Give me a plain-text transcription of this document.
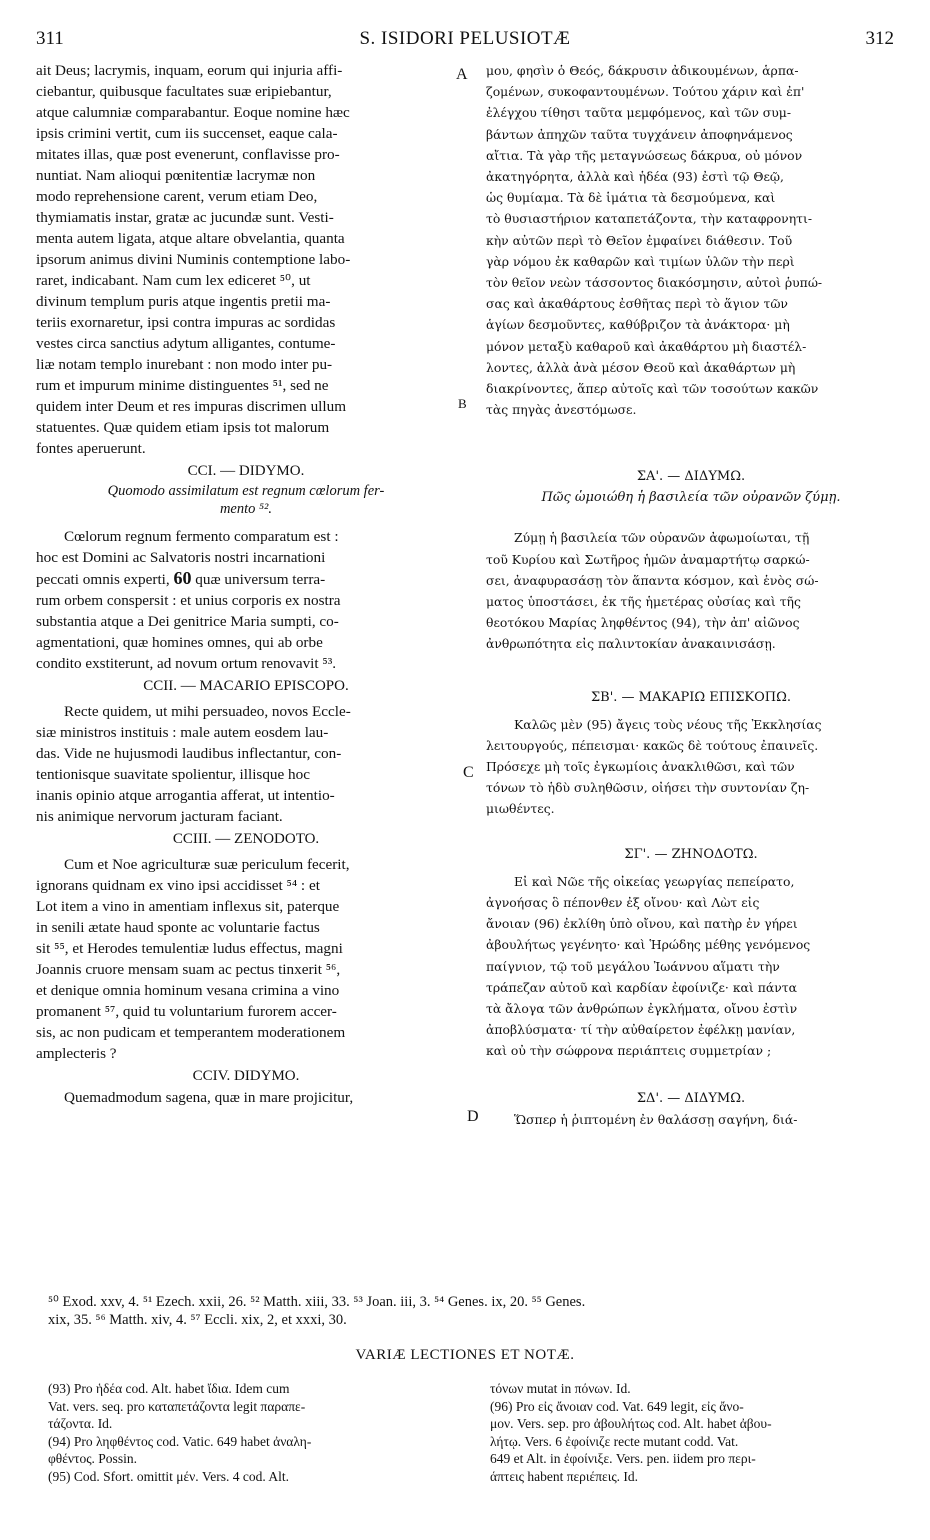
311	S. ISIDORI PELUSIOTÆ	312
A
B
C
D
ait Deus; lacrymis, inquam, eorum qui injuria affi-
ciebantur, quibusque facultates suæ eripiebantur,
atque calumniæ comparabantur. Eoque nomine hæc
ipsis crimini vertit, cum iis succenset, eaque cala-
mitates illas, quæ post evenerunt, conflavisse pro-
nuntiat. Nam alioqui pœnitentiæ lacrymæ non
modo reprehensione carent, verum etiam Deo,
thymiamatis instar, gratæ ac jucundæ sunt. Vesti-
menta autem ligata, atque altare obvelantia, quanta
ipsorum animus divini Numinis contemptione labo-
raret, indicabant. Nam cum lex ediceret ⁵⁰, ut
divinum templum puris atque ingentis pretii ma-
teriis exornaretur, ipsi contra impuras ac sordidas
vestes circa sanctius adytum alligantes, contume-
liæ notam templo inurebant : non modo inter pu-
rum et impurum minime distinguentes ⁵¹, sed ne
quidem inter Deum et res impuras discrimen ullum
statuentes. Quæ quidem etiam ipsis tot malorum
fontes aperuerunt.
CCI. — DIDYMO.
Quomodo assimilatum est regnum cœlorum fer-
mento ⁵².
Cœlorum regnum fermento comparatum est :
hoc est Domini ac Salvatoris nostri incarnationi
peccati omnis experti, 60 quæ universum terra-
rum orbem conspersit : et unius corporis ex nostra
substantia atque a Dei genitrice Maria sumpti, co-
agmentationi, quæ homines omnes, qui ab orbe
condito exstiterunt, ad novum ortum renovavit ⁵³.
CCII. — MACARIO EPISCOPO.
Recte quidem, ut mihi persuadeo, novos Eccle-
siæ ministros instituis : male autem eosdem lau-
das. Vide ne hujusmodi laudibus inflectantur, con-
tentionisque suavitate spolientur, illisque hoc
inanis opinio atque arrogantia afferat, ut intentio-
nis animique nervorum jacturam faciant.
CCIII. — ZENODOTO.
Cum et Noe agriculturæ suæ periculum fecerit,
ignorans quidnam ex vino ipsi accidisset ⁵⁴ : et
Lot item a vino in amentiam inflexus sit, paterque
in senili ætate haud sponte ac voluntarie factus
sit ⁵⁵, et Herodes temulentiæ ludus effectus, magni
Joannis cruore mensam suam ac pectus tinxerit ⁵⁶,
et denique omnia hominum vesana crimina a vino
promanent ⁵⁷, quid tu voluntarium furorem accer-
sis, ac non pudicam et temperantem moderationem
amplecteris ?
CCIV. DIDYMO.
Quemadmodum sagena, quæ in mare projicitur,
μου, φησὶν ὁ Θεός, δάκρυσιν ἀδικουμένων, ἁρπα-
ζομένων, συκοφαντουμένων. Τούτου χάριν καὶ ἐπ'
ἐλέγχου τίθησι ταῦτα μεμφόμενος, καὶ τῶν συμ-
βάντων ἀπηχῶν ταῦτα τυγχάνειν ἀποφηνάμενος
αἴτια. Τὰ γὰρ τῆς μεταγνώσεως δάκρυα, οὐ μόνον
ἀκατηγόρητα, ἀλλὰ καὶ ἡδέα (93) ἐστὶ τῷ Θεῷ,
ὡς θυμίαμα. Τὰ δὲ ἱμάτια τὰ δεσμούμενα, καὶ
τὸ θυσιαστήριον καταπετάζοντα, τὴν καταφρονητι-
κὴν αὐτῶν περὶ τὸ Θεῖον ἐμφαίνει διάθεσιν. Τοῦ
γὰρ νόμου ἐκ καθαρῶν καὶ τιμίων ὑλῶν τὴν περὶ
τὸν θεῖον νεὼν τάσσοντος διακόσμησιν, αὐτοὶ ῥυπώ-
σας καὶ ἀκαθάρτους ἐσθῆτας περὶ τὸ ἅγιον τῶν
ἁγίων δεσμοῦντες, καθύβριζον τὰ ἀνάκτορα· μὴ
μόνον μεταξὺ καθαροῦ καὶ ἀκαθάρτου μὴ διαστέλ-
λοντες, ἀλλὰ ἀνὰ μέσον Θεοῦ καὶ ἀκαθάρτων μὴ
διακρίνοντες, ἅπερ αὐτοῖς καὶ τῶν τοσούτων κακῶν
τὰς πηγὰς ἀνεστόμωσε.
ΣΑ'. — ΔΙΔΥΜΩ.
Πῶς ὡμοιώθη ἡ βασιλεία τῶν οὐρανῶν ζύμῃ.
Ζύμῃ ἡ βασιλεία τῶν οὐρανῶν ἀφωμοίωται, τῇ
τοῦ Κυρίου καὶ Σωτῆρος ἡμῶν ἀναμαρτήτῳ σαρκώ-
σει, ἀναφυρασάσῃ τὸν ἅπαντα κόσμον, καὶ ἑνὸς σώ-
ματος ὑποστάσει, ἐκ τῆς ἡμετέρας οὐσίας καὶ τῆς
θεοτόκου Μαρίας ληφθέντος (94), τὴν ἀπ' αἰῶνος
ἀνθρωπότητα εἰς παλιντοκίαν ἀνακαινισάσῃ.
ΣΒ'. — ΜΑΚΑΡΙΩ ΕΠΙΣΚΟΠΩ.
Καλῶς μὲν (95) ἄγεις τοὺς νέους τῆς Ἐκκλησίας
λειτουργούς, πέπεισμαι· κακῶς δὲ τούτους ἐπαινεῖς.
Πρόσεχε μὴ τοῖς ἐγκωμίοις ἀνακλιθῶσι, καὶ τῶν
τόνων τὸ ἡδὺ συληθῶσιν, οἰήσει τὴν συντονίαν ζη-
μιωθέντες.
ΣΓ'. — ΖΗΝΟΔΟΤΩ.
Εἰ καὶ Νῶε τῆς οἰκείας γεωργίας πεπείρατο,
ἀγνοήσας ὃ πέπονθεν ἐξ οἴνου· καὶ Λὼτ εἰς
ἄνοιαν (96) ἐκλίθη ὑπὸ οἴνου, καὶ πατὴρ ἐν γήρει
ἀβουλήτως γεγένητο· καὶ Ἡρώδης μέθης γενόμενος
παίγνιον, τῷ τοῦ μεγάλου Ἰωάννου αἵματι τὴν
τράπεζαν αὐτοῦ καὶ καρδίαν ἐφοίνιζε· καὶ πάντα
τὰ ἄλογα τῶν ἀνθρώπων ἐγκλήματα, οἴνου ἐστὶν
ἀποβλύσματα· τί τὴν αὐθαίρετον ἐφέλκῃ μανίαν,
καὶ οὐ τὴν σώφρονα περιάπτεις συμμετρίαν ;
ΣΔ'. — ΔΙΔΥΜΩ.
Ὥσπερ ἡ ῥιπτομένη ἐν θαλάσσῃ σαγήνη, διά-
⁵⁰ Exod. xxv, 4. ⁵¹ Ezech. xxii, 26. ⁵² Matth. xiii, 33. ⁵³ Joan. iii, 3. ⁵⁴ Genes. ix, 20. ⁵⁵ Genes.
xix, 35. ⁵⁶ Matth. xiv, 4. ⁵⁷ Eccli. xix, 2, et xxxi, 30.
VARIÆ LECTIONES ET NOTÆ.
(93) Pro ἡδέα cod. Alt. habet ἴδια. Idem cum
Vat. vers. seq. pro καταπετάζοντα legit παραπε-
τάζοντα. Id.
(94) Pro ληφθέντος cod. Vatic. 649 habet ἀναλη-
φθέντος. Possin.
(95) Cod. Sfort. omittit μέν. Vers. 4 cod. Alt.
τόνων mutat in πόνων. Id.
(96) Pro εἰς ἄνοιαν cod. Vat. 649 legit, εἰς ἄνο-
μον. Vers. sep. pro ἀβουλήτως cod. Alt. habet ἀβου-
λήτῳ. Vers. 6 ἐφοίνιζε recte mutant codd. Vat.
649 et Alt. in ἐφοίνιξε. Vers. pen. iidem pro περι-
άπτεις habent περιέπεις. Id.
